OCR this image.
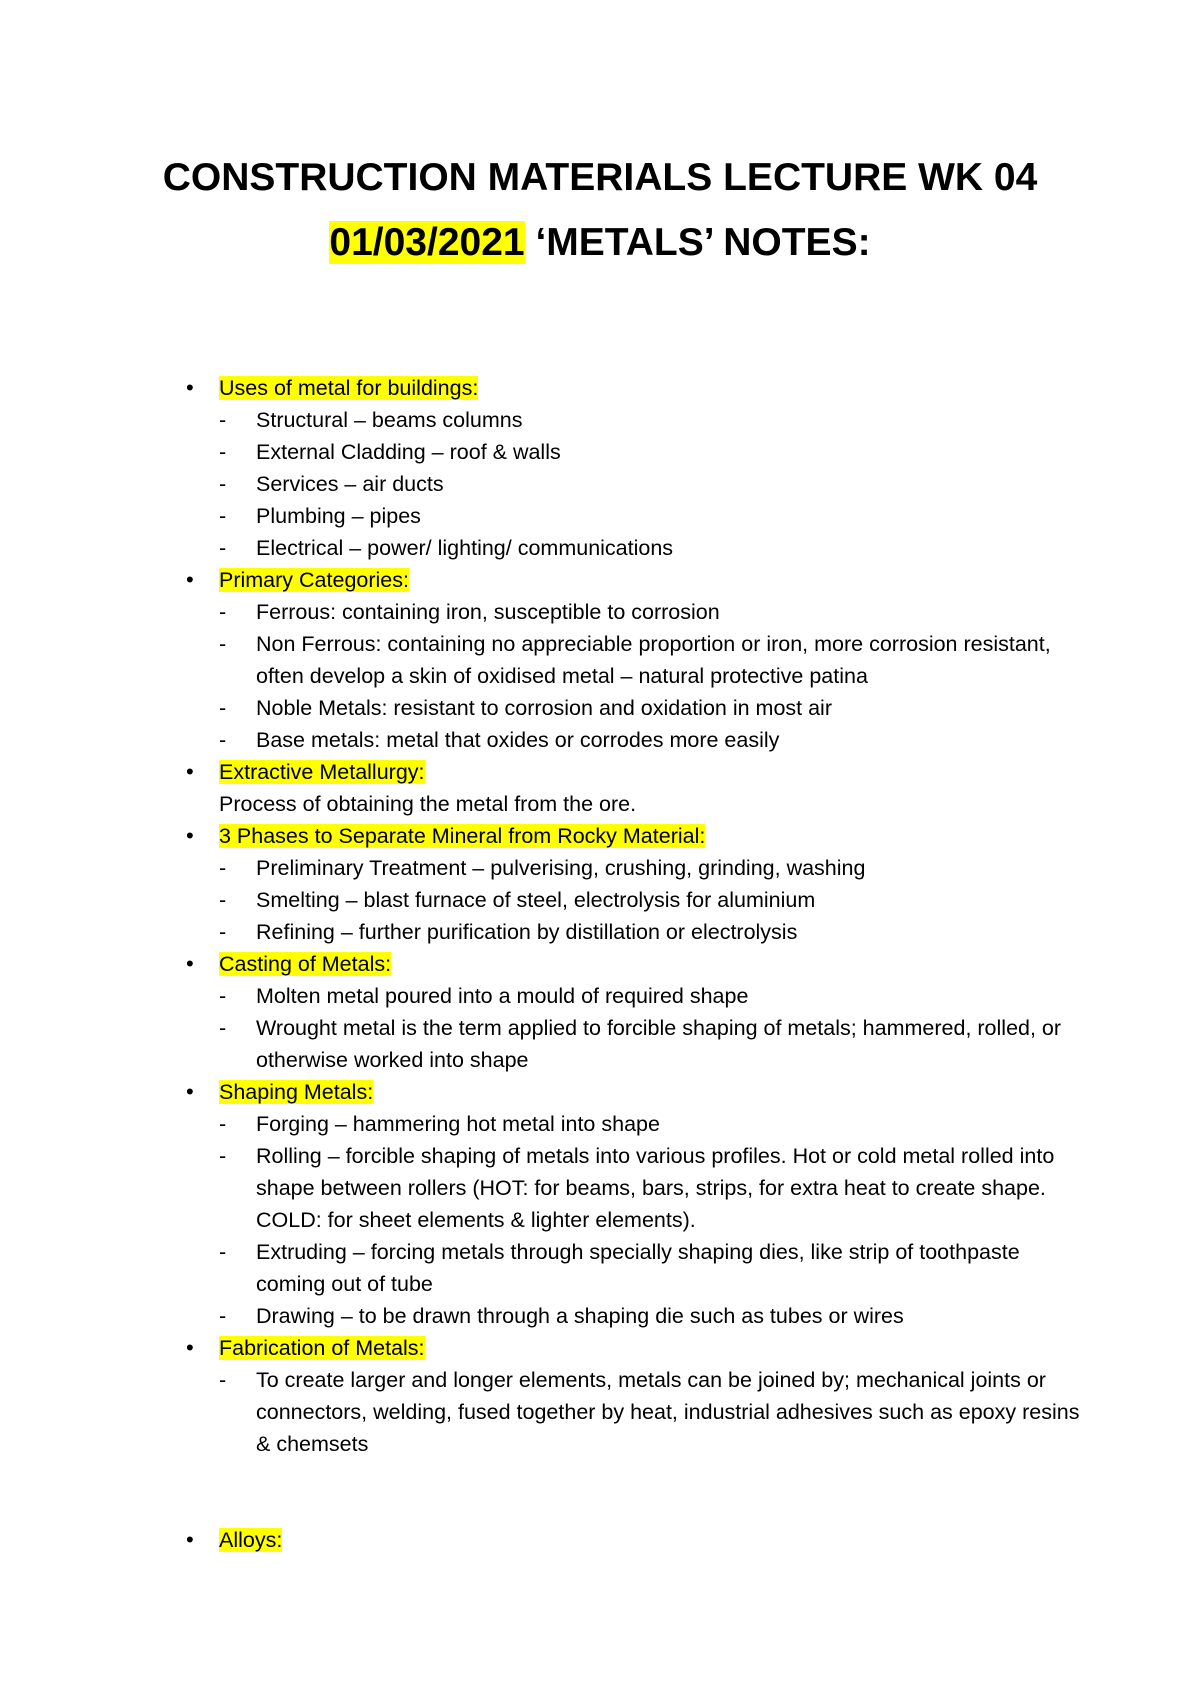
CONSTRUCTION MATERIALS LECTURE WK 04
01/03/2021 ‘METALS’ NOTES:
• Uses of metal for buildings:
- Structural – beams columns
- External Cladding – roof & walls
- Services – air ducts
- Plumbing – pipes
- Electrical – power/ lighting/ communications
• Primary Categories:
- Ferrous: containing iron, susceptible to corrosion
- Non Ferrous: containing no appreciable proportion or iron, more corrosion resistant, often develop a skin of oxidised metal – natural protective patina
- Noble Metals: resistant to corrosion and oxidation in most air
- Base metals: metal that oxides or corrodes more easily
• Extractive Metallurgy:
Process of obtaining the metal from the ore.
• 3 Phases to Separate Mineral from Rocky Material:
- Preliminary Treatment – pulverising, crushing, grinding, washing
- Smelting – blast furnace of steel, electrolysis for aluminium
- Refining – further purification by distillation or electrolysis
• Casting of Metals:
- Molten metal poured into a mould of required shape
- Wrought metal is the term applied to forcible shaping of metals; hammered, rolled, or otherwise worked into shape
• Shaping Metals:
- Forging – hammering hot metal into shape
- Rolling – forcible shaping of metals into various profiles. Hot or cold metal rolled into shape between rollers (HOT: for beams, bars, strips, for extra heat to create shape. COLD: for sheet elements & lighter elements).
- Extruding – forcing metals through specially shaping dies, like strip of toothpaste coming out of tube
- Drawing – to be drawn through a shaping die such as tubes or wires
• Fabrication of Metals:
- To create larger and longer elements, metals can be joined by; mechanical joints or connectors, welding, fused together by heat, industrial adhesives such as epoxy resins & chemsets
• Alloys:
